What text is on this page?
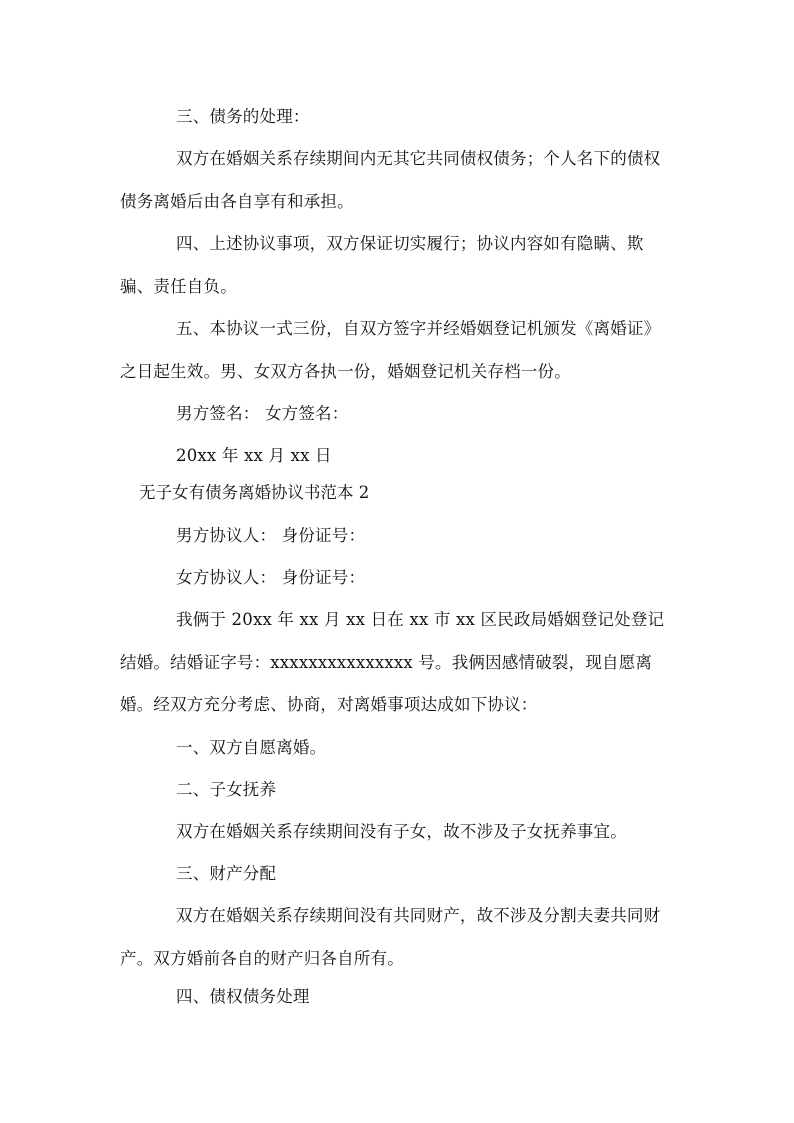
三、债务的处理：

双方在婚姻关系存续期间内无其它共同债权债务；个人名下的债权债务离婚后由各自享有和承担。

四、上述协议事项，双方保证切实履行；协议内容如有隐瞒、欺骗、责任自负。

五、本协议一式三份，自双方签字并经婚姻登记机颁发《离婚证》之日起生效。男、女双方各执一份，婚姻登记机关存档一份。

男方签名： 女方签名：

20xx 年 xx 月 xx 日

无子女有债务离婚协议书范本 2

男方协议人： 身份证号：

女方协议人： 身份证号：

我俩于 20xx 年 xx 月 xx 日在 xx 市 xx 区民政局婚姻登记处登记结婚。结婚证字号：xxxxxxxxxxxxxxx 号。我俩因感情破裂，现自愿离婚。经双方充分考虑、协商，对离婚事项达成如下协议：

一、双方自愿离婚。

二、子女抚养

双方在婚姻关系存续期间没有子女，故不涉及子女抚养事宜。

三、财产分配

双方在婚姻关系存续期间没有共同财产，故不涉及分割夫妻共同财产。双方婚前各自的财产归各自所有。

四、债权债务处理
